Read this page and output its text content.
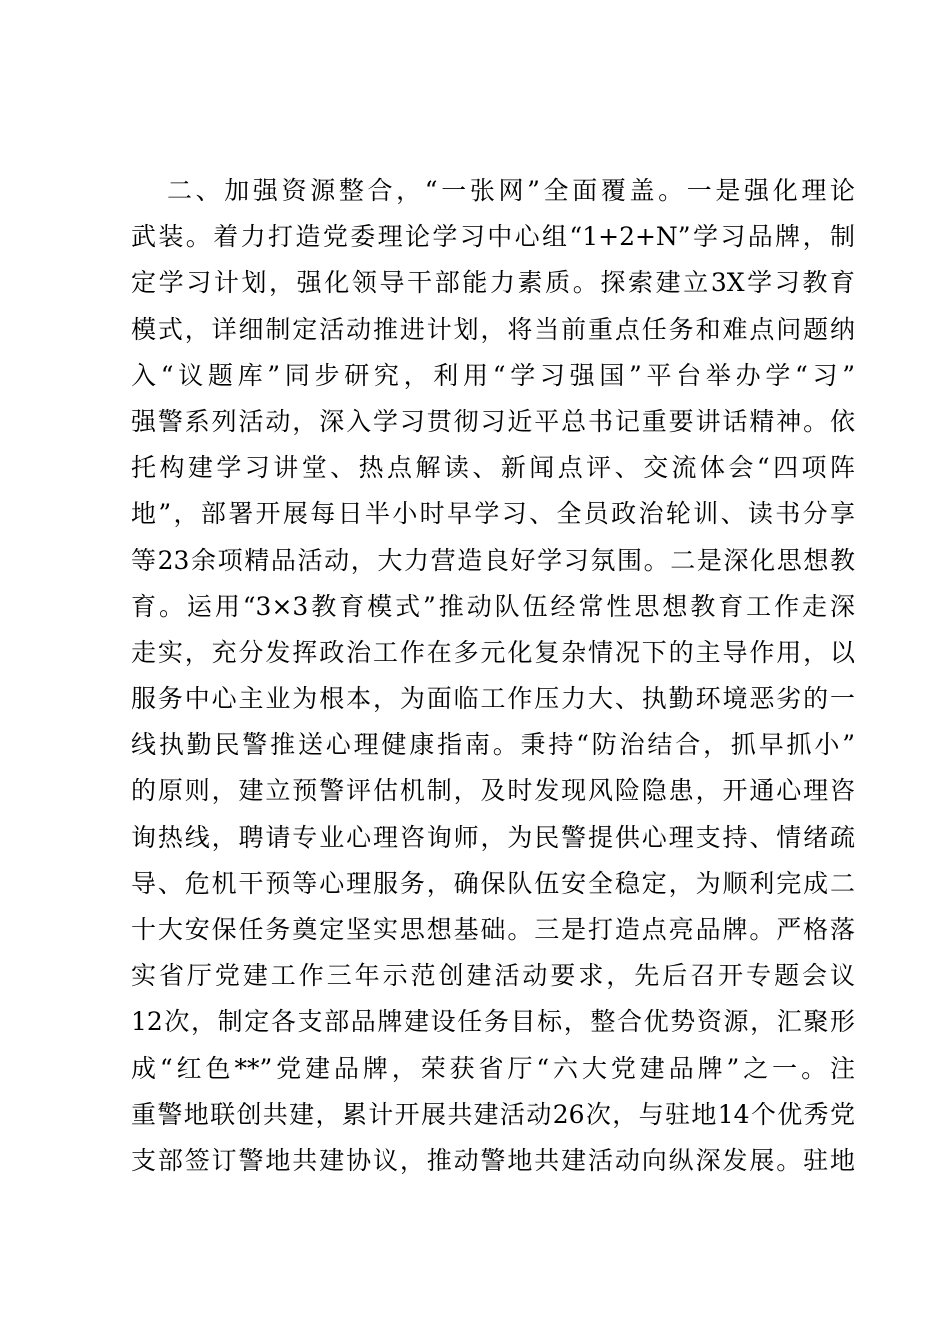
二、加强资源整合，“一张网”全面覆盖。一是强化理论
武装。着力打造党委理论学习中心组“1+2+N”学习品牌，制
定学习计划，强化领导干部能力素质。探索建立3X学习教育
模式，详细制定活动推进计划，将当前重点任务和难点问题纳
入“议题库”同步研究，利用“学习强国”平台举办学“习”
强警系列活动，深入学习贯彻习近平总书记重要讲话精神。依
托构建学习讲堂、热点解读、新闻点评、交流体会“四项阵
地”，部署开展每日半小时早学习、全员政治轮训、读书分享
等23余项精品活动，大力营造良好学习氛围。二是深化思想教
育。运用“3×3教育模式”推动队伍经常性思想教育工作走深
走实，充分发挥政治工作在多元化复杂情况下的主导作用，以
服务中心主业为根本，为面临工作压力大、执勤环境恶劣的一
线执勤民警推送心理健康指南。秉持“防治结合，抓早抓小”
的原则，建立预警评估机制，及时发现风险隐患，开通心理咨
询热线，聘请专业心理咨询师，为民警提供心理支持、情绪疏
导、危机干预等心理服务，确保队伍安全稳定，为顺利完成二
十大安保任务奠定坚实思想基础。三是打造点亮品牌。严格落
实省厅党建工作三年示范创建活动要求，先后召开专题会议
12次，制定各支部品牌建设任务目标，整合优势资源，汇聚形
成“红色**”党建品牌，荣获省厅“六大党建品牌”之一。注
重警地联创共建，累计开展共建活动26次，与驻地14个优秀党
支部签订警地共建协议，推动警地共建活动向纵深发展。驻地
